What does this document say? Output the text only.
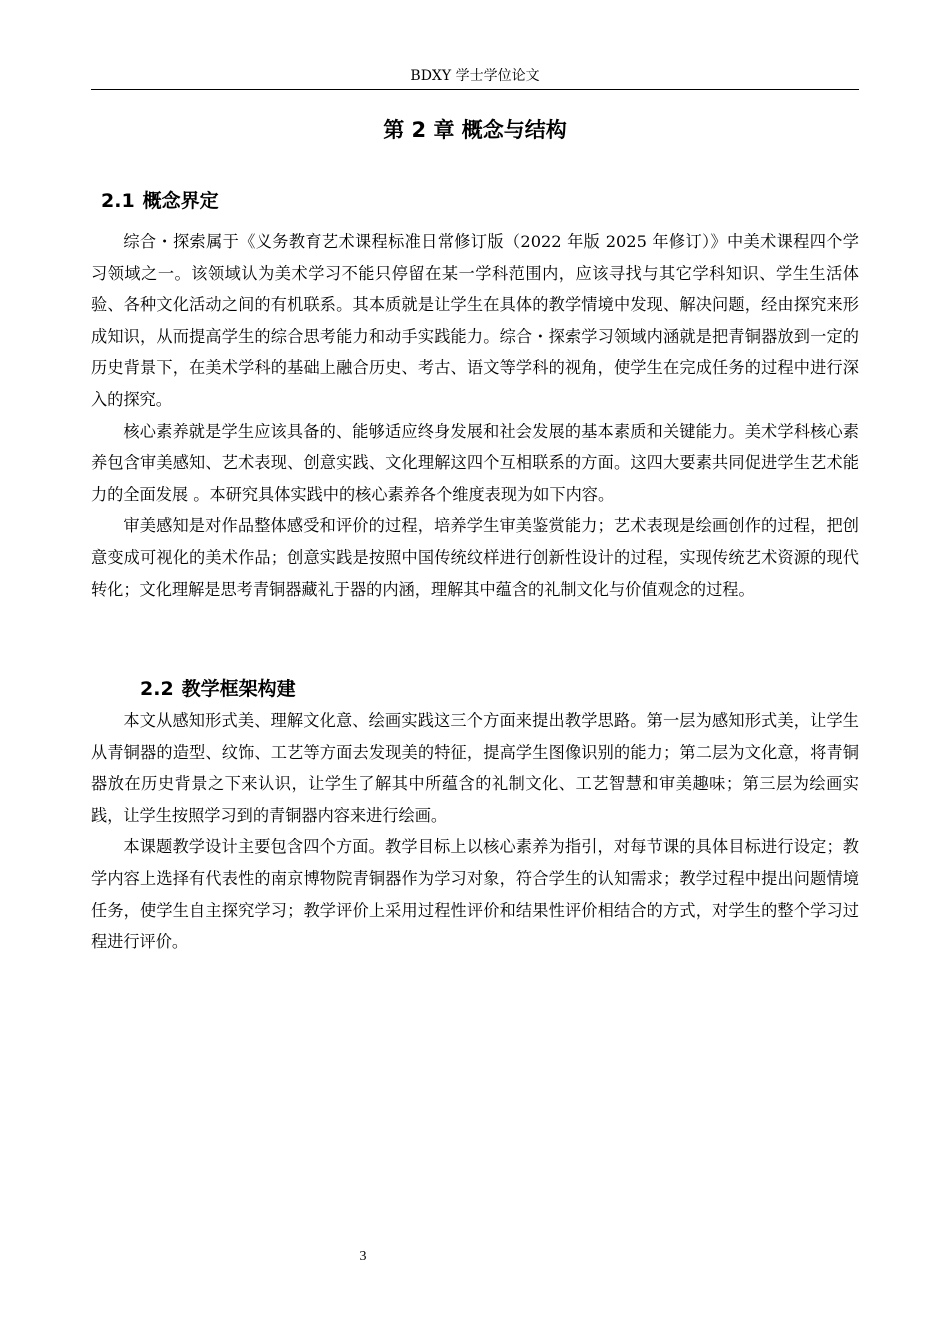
BDXY 学士学位论文
第 2 章 概念与结构
2.1 概念界定

综合・探索属于《义务教育艺术课程标准日常修订版（2022 年版 2025 年修订）》中美术课程四个学习领域之一。该领域认为美术学习不能只停留在某一学科范围内，应该寻找与其它学科知识、学生生活体验、各种文化活动之间的有机联系。其本质就是让学生在具体的教学情境中发现、解决问题，经由探究来形成知识，从而提高学生的综合思考能力和动手实践能力。综合・探索学习领域内涵就是把青铜器放到一定的历史背景下，在美术学科的基础上融合历史、考古、语文等学科的视角，使学生在完成任务的过程中进行深入的探究。

核心素养就是学生应该具备的、能够适应终身发展和社会发展的基本素质和关键能力。美术学科核心素养包含审美感知、艺术表现、创意实践、文化理解这四个互相联系的方面。这四大要素共同促进学生艺术能力的全面发展 。本研究具体实践中的核心素养各个维度表现为如下内容。

审美感知是对作品整体感受和评价的过程，培养学生审美鉴赏能力；艺术表现是绘画创作的过程，把创意变成可视化的美术作品；创意实践是按照中国传统纹样进行创新性设计的过程，实现传统艺术资源的现代转化；文化理解是思考青铜器藏礼于器的内涵，理解其中蕴含的礼制文化与价值观念的过程。

2.2 教学框架构建

本文从感知形式美、理解文化意、绘画实践这三个方面来提出教学思路。第一层为感知形式美，让学生从青铜器的造型、纹饰、工艺等方面去发现美的特征，提高学生图像识别的能力；第二层为文化意，将青铜器放在历史背景之下来认识，让学生了解其中所蕴含的礼制文化、工艺智慧和审美趣味；第三层为绘画实践，让学生按照学习到的青铜器内容来进行绘画。

本课题教学设计主要包含四个方面。教学目标上以核心素养为指引，对每节课的具体目标进行设定；教学内容上选择有代表性的南京博物院青铜器作为学习对象，符合学生的认知需求；教学过程中提出问题情境任务，使学生自主探究学习；教学评价上采用过程性评价和结果性评价相结合的方式，对学生的整个学习过程进行评价。

3
